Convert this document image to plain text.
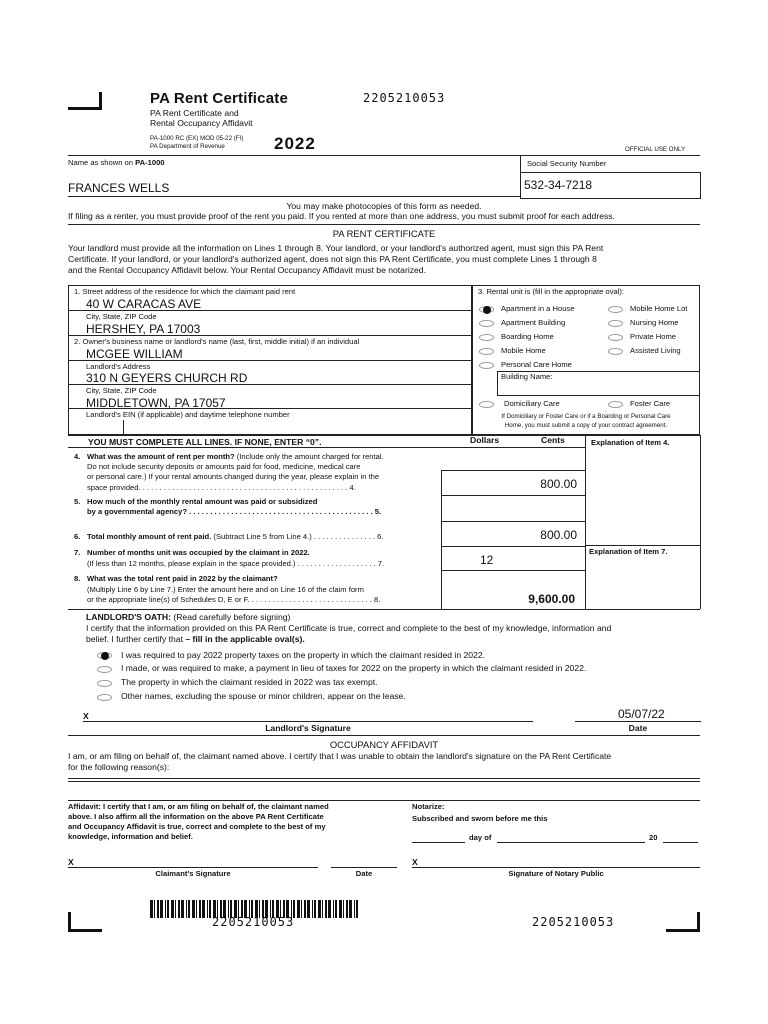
PA Rent Certificate	2205210053
PA Rent Certificate and
Rental Occupancy Affidavit
PA-1000 RC (EX) MOD 05-22 (FI)
PA Department of Revenue	2022	OFFICIAL USE ONLY
Name as shown on PA-1000
FRANCES WELLS
Social Security Number
532-34-7218
You may make photocopies of this form as needed.
If filing as a renter, you must provide proof of the rent you paid. If you rented at more than one address, you must submit proof for each address.
PA RENT CERTIFICATE
Your landlord must provide all the information on Lines 1 through 8. Your landlord, or your landlord's authorized agent, must sign this PA Rent
Certificate. If your landlord, or your landlord's authorized agent, does not sign this PA Rent Certificate, you must complete Lines 1 through 8
and the Rental Occupancy Affidavit below. Your Rental Occupancy Affidavit must be notarized.
1. Street address of the residence for which the claimant paid rent
40 W CARACAS AVE
City, State, ZIP Code
HERSHEY, PA 17003
2. Owner's business name or landlord's name (last, first, middle initial) if an individual
MCGEE WILLIAM
Landlord's Address
310 N GEYERS CHURCH RD
City, State, ZIP Code
MIDDLETOWN, PA 17057
Landlord's EIN (if applicable) and daytime telephone number
3. Rental unit is (fill in the appropriate oval):
Apartment in a House
Apartment Building
Boarding Home
Mobile Home
Personal Care Home
Mobile Home Lot
Nursing Home
Private Home
Assisted Living
Building Name:
Domiciliary Care	Foster Care
If Domiciliary or Foster Care or if a Boarding or Personal Care
Home, you must submit a copy of your contract agreement.
YOU MUST COMPLETE ALL LINES. IF NONE, ENTER “0”.	Dollars	Cents	Explanation of Item 4.
Explanation of Item 7.
4. What was the amount of rent per month? (Include only the amount charged for rental.
Do not include security deposits or amounts paid for food, medicine, medical care
or personal care.) If your rental amounts changed during the year, please explain in the
space provided. . . . . . . . . . . . . . . . . . . . . . . . . . . . . . . . . . . . . . . . . . . . . . . . . . 4.	800.00
5. How much of the monthly rental amount was paid or subsidized
by a governmental agency? . . . . . . . . . . . . . . . . . . . . . . . . . . . . . . . . . . . . . . . . . . . . 5.
6. Total monthly amount of rent paid. (Subtract Line 5 from Line 4.) . . . . . . . . . . . . . . . 6.	800.00
7. Number of months unit was occupied by the claimant in 2022.
(If less than 12 months, please explain in the space provided.) . . . . . . . . . . . . . . . . . . . 7.	12
8. What was the total rent paid in 2022 by the claimant?
(Multiply Line 6 by Line 7.) Enter the amount here and on Line 16 of the claim form
or the appropriate line(s) of Schedules D, E or F. . . . . . . . . . . . . . . . . . . . . . . . . . . . . . 8.	9,600.00
LANDLORD'S OATH: (Read carefully before signing)
I certify that the information provided on this PA Rent Certificate is true, correct and complete to the best of my knowledge, information and
belief. I further certify that – fill in the applicable oval(s).
I was required to pay 2022 property taxes on the property in which the claimant resided in 2022.
I made, or was required to make, a payment in lieu of taxes for 2022 on the property in which the claimant resided in 2022.
The property in which the claimant resided in 2022 was tax exempt.
Other names, excluding the spouse or minor children, appear on the lease.
X	05/07/22
Landlord's Signature	Date
OCCUPANCY AFFIDAVIT
I am, or am filing on behalf of, the claimant named above. I certify that I was unable to obtain the landlord's signature on the PA Rent Certificate
for the following reason(s):
Affidavit: I certify that I am, or am filing on behalf of, the claimant named
above. I also affirm all the information on the above PA Rent Certificate
and Occupancy Affidavit is true, correct and complete to the best of my
knowledge, information and belief.
Notarize:
Subscribed and sworn before me this
day of	20
X	X
Claimant's Signature	Date	Signature of Notary Public
2205210053	2205210053
